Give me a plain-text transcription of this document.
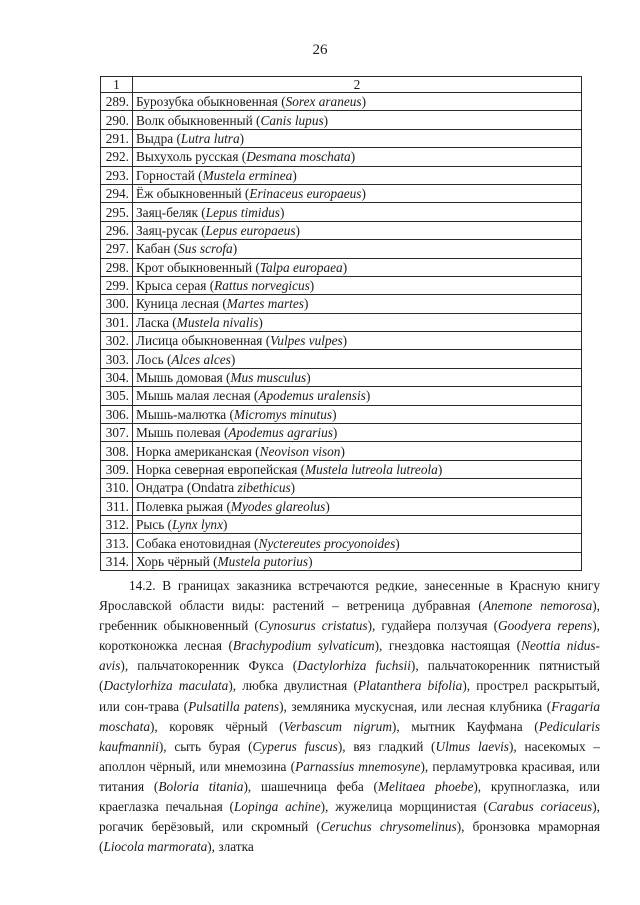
26
1	2
289.	Бурозубка обыкновенная (Sorex araneus)
290.	Волк обыкновенный (Canis lupus)
291.	Выдра (Lutra lutra)
292.	Выхухоль русская (Desmana moschata)
293.	Горностай (Mustela erminea)
294.	Ёж обыкновенный (Erinaceus europaeus)
295.	Заяц-беляк (Lepus timidus)
296.	Заяц-русак (Lepus europaeus)
297.	Кабан (Sus scrofa)
298.	Крот обыкновенный (Talpa europaea)
299.	Крыса серая (Rattus norvegicus)
300.	Куница лесная (Martes martes)
301.	Ласка (Mustela nivalis)
302.	Лисица обыкновенная (Vulpes vulpes)
303.	Лось (Alces alces)
304.	Мышь домовая (Mus musculus)
305.	Мышь малая лесная (Apodemus uralensis)
306.	Мышь-малютка (Micromys minutus)
307.	Мышь полевая (Apodemus agrarius)
308.	Норка американская (Neovison vison)
309.	Норка северная европейская (Mustela lutreola lutreola)
310.	Ондатра (Ondatra zibethicus)
311.	Полевка рыжая (Myodes glareolus)
312.	Рысь (Lynx lynx)
313.	Собака енотовидная (Nyctereutes procyonoides)
314.	Хорь чёрный (Mustela putorius)

14.2. В границах заказника встречаются редкие, занесенные в Красную книгу Ярославской области виды: растений – ветреница дубравная (Anemone nemorosa), гребенник обыкновенный (Cynosurus cristatus), гудайера ползучая (Goodyera repens), коротконожка лесная (Brachypodium sylvaticum), гнездовка настоящая (Neottia nidus-avis), пальчатокоренник Фукса (Dactylorhiza fuchsii), пальчатокоренник пятнистый (Dactylorhiza maculata), любка двулистная (Platanthera bifolia), прострел раскрытый, или сон-трава (Pulsatilla patens), земляника мускусная, или лесная клубника (Fragaria moschata), коровяк чёрный (Verbascum nigrum), мытник Кауфмана (Pedicularis kaufmannii), сыть бурая (Cyperus fuscus), вяз гладкий (Ulmus laevis), насекомых – аполлон чёрный, или мнемозина (Parnassius mnemosyne), перламутровка красивая, или титания (Boloria titania), шашечница феба (Melitaea phoebe), крупноглазка, или краеглазка печальная (Lopinga achine), жужелица морщинистая (Carabus coriaceus), рогачик берёзовый, или скромный (Ceruchus chrysomelinus), бронзовка мраморная (Liocola marmorata), златка
